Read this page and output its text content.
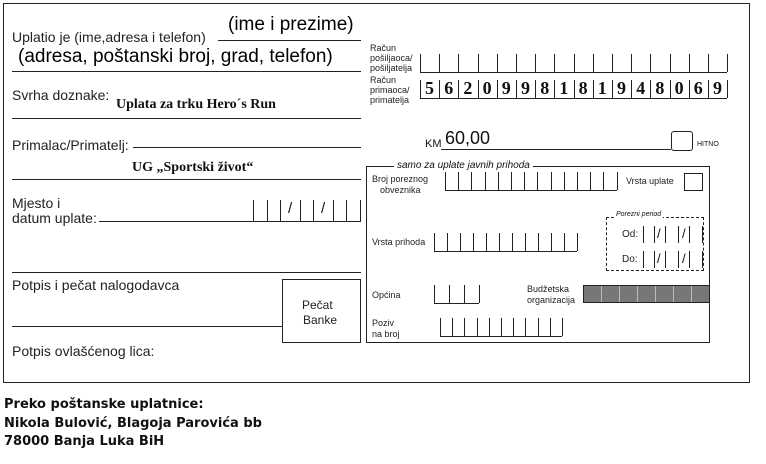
Uplatio je (ime,adresa i telefon)
(ime i prezime)
(adresa, poštanski broj, grad, telefon)
Svrha doznake:
Uplata za trku Hero´s Run
Primalac/Primatelj:
UG „Sportski život“
Mjesto i
datum uplate:
/ /
Potpis i pečat nalogodavca
Pečat
Banke
Potpis ovlašćenog lica:
Račun
pošiljaoca/
pošiljatelja
Račun
primaoca/
primatelja
5 6 2 0 9 9 8 1 8 1 9 4 8 0 6 9
KM 60,00	HITNO
samo za uplate javnih prihoda
Broj poreznog
obveznika
Vrsta uplate
Porezni period
Od:
Do:
/ /
/ /
Vrsta prihoda
Općina
Budžetska
organizacija
Poziv
na broj
Preko poštanske uplatnice:
Nikola Bulović, Blagoja Parovića bb
78000 Banja Luka BiH
